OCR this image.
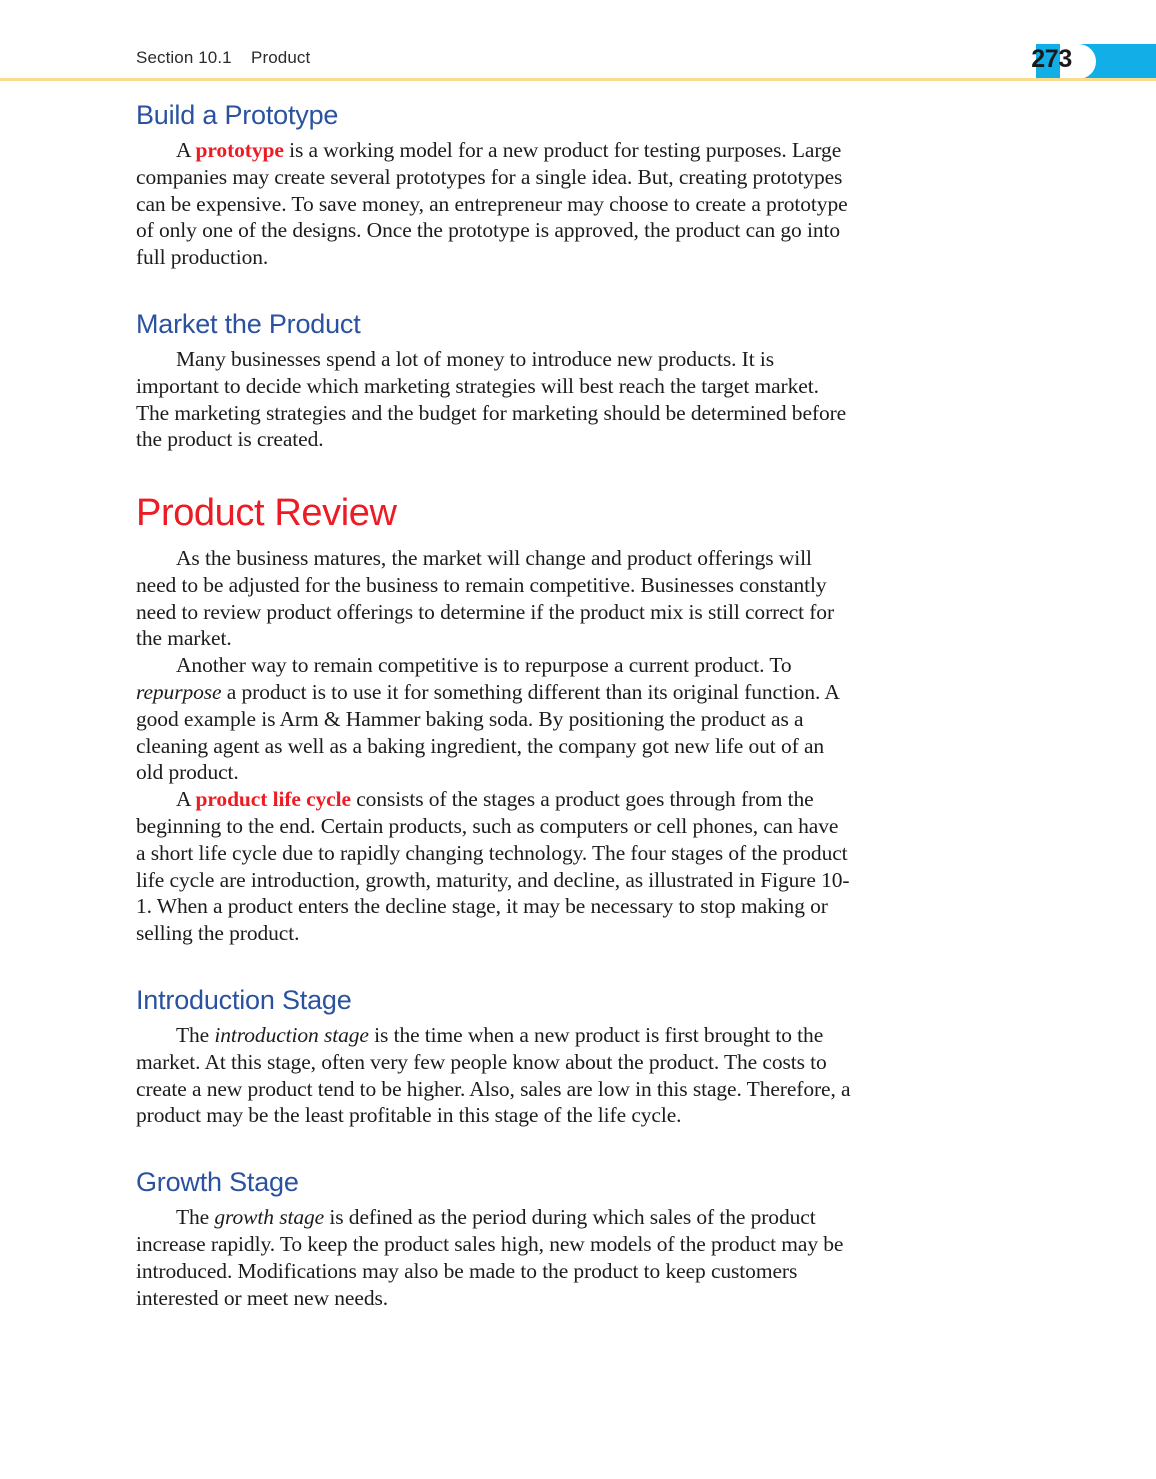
Section 10.1    Product	273
Build a Prototype

A prototype is a working model for a new product for testing purposes. Large companies may create several prototypes for a single idea. But, creating prototypes can be expensive. To save money, an entrepreneur may choose to create a prototype of only one of the designs. Once the prototype is approved, the product can go into full production.

Market the Product

Many businesses spend a lot of money to introduce new products. It is important to decide which marketing strategies will best reach the target market. The marketing strategies and the budget for marketing should be determined before the product is created.

Product Review

As the business matures, the market will change and product offerings will need to be adjusted for the business to remain competitive. Businesses constantly need to review product offerings to determine if the product mix is still correct for the market.

Another way to remain competitive is to repurpose a current product. To repurpose a product is to use it for something different than its original function. A good example is Arm & Hammer baking soda. By positioning the product as a cleaning agent as well as a baking ingredient, the company got new life out of an old product.

A product life cycle consists of the stages a product goes through from the beginning to the end. Certain products, such as computers or cell phones, can have a short life cycle due to rapidly changing technology. The four stages of the product life cycle are introduction, growth, maturity, and decline, as illustrated in Figure 10-1. When a product enters the decline stage, it may be necessary to stop making or selling the product.

Introduction Stage

The introduction stage is the time when a new product is first brought to the market. At this stage, often very few people know about the product. The costs to create a new product tend to be higher. Also, sales are low in this stage. Therefore, a product may be the least profitable in this stage of the life cycle.

Growth Stage

The growth stage is defined as the period during which sales of the product increase rapidly. To keep the product sales high, new models of the product may be introduced. Modifications may also be made to the product to keep customers interested or meet new needs.
